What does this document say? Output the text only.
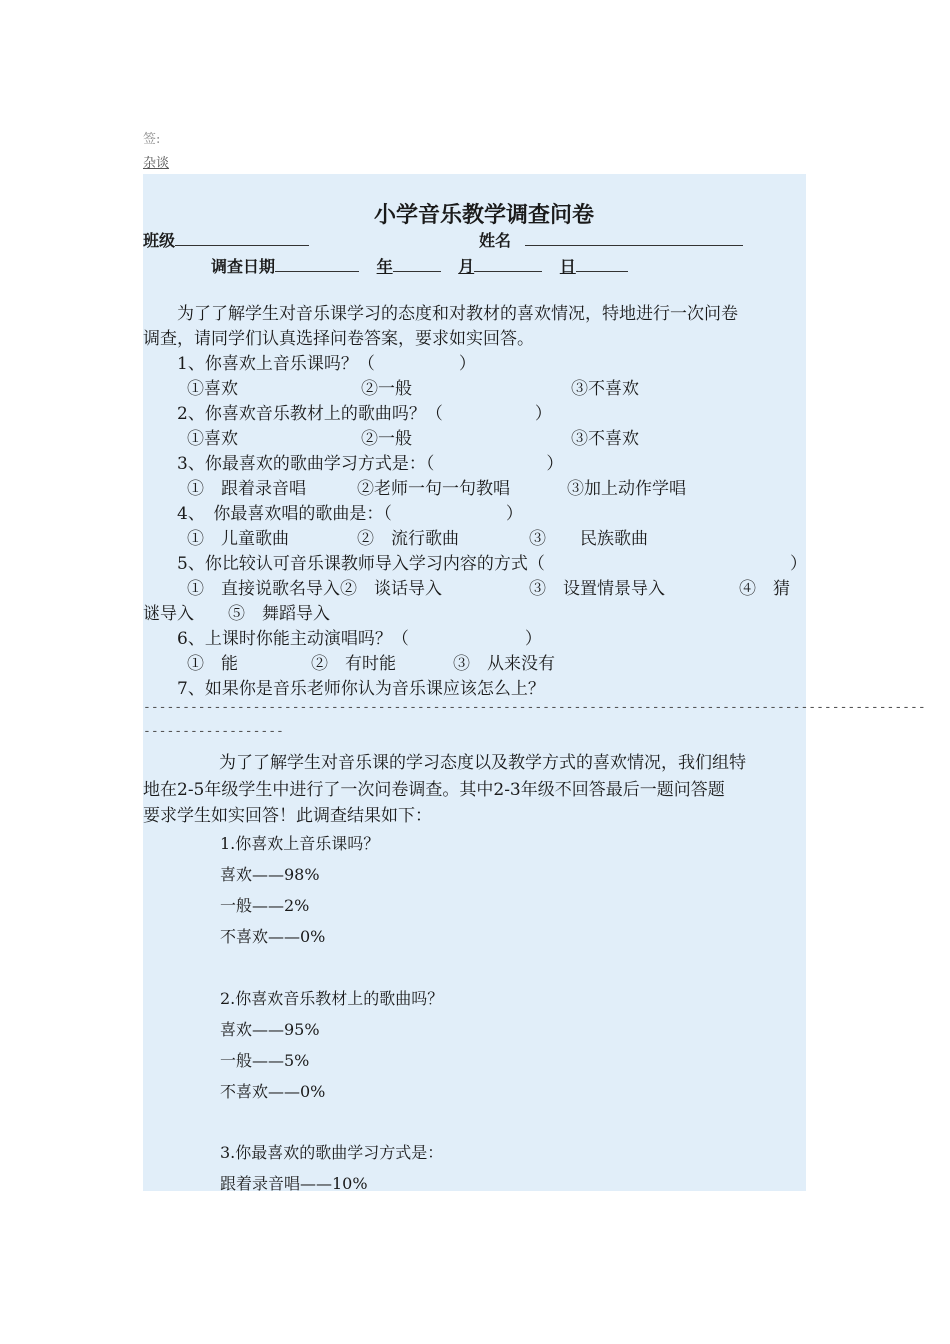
签:
杂谈
小学音乐教学调查问卷
班级	姓名
调查日期	年	月	日
为了了解学生对音乐课学习的态度和对教材的喜欢情况，特地进行一次问卷
调查，请同学们认真选择问卷答案，要求如实回答。
1、你喜欢上音乐课吗？（	）
①喜欢	②一般	③不喜欢
2、你喜欢音乐教材上的歌曲吗？（	）
①喜欢	②一般	③不喜欢
3、你最喜欢的歌曲学习方式是：（	）
①　跟着录音唱	②老师一句一句教唱	③加上动作学唱
4、　你最喜欢唱的歌曲是：（	）
①　儿童歌曲	②　流行歌曲	③　　民族歌曲
5、你比较认可音乐课教师导入学习内容的方式（	）
①　直接说歌名导入②　谈话导入	③　设置情景导入	④　猜
谜导入　　⑤　舞蹈导入
6、上课时你能主动演唱吗？（	）
①　能	②　有时能	③　从来没有
7、如果你是音乐老师你认为音乐课应该怎么上？
----------------------------------------------------------------------------------------------------
------------------
为了了解学生对音乐课的学习态度以及教学方式的喜欢情况，我们组特
地在2-5年级学生中进行了一次问卷调查。其中2-3年级不回答最后一题问答题
要求学生如实回答！此调查结果如下：
1.你喜欢上音乐课吗？
喜欢——98%
一般——2%
不喜欢——0%
2.你喜欢音乐教材上的歌曲吗？
喜欢——95%
一般——5%
不喜欢——0%
3.你最喜欢的歌曲学习方式是：
跟着录音唱——10%
